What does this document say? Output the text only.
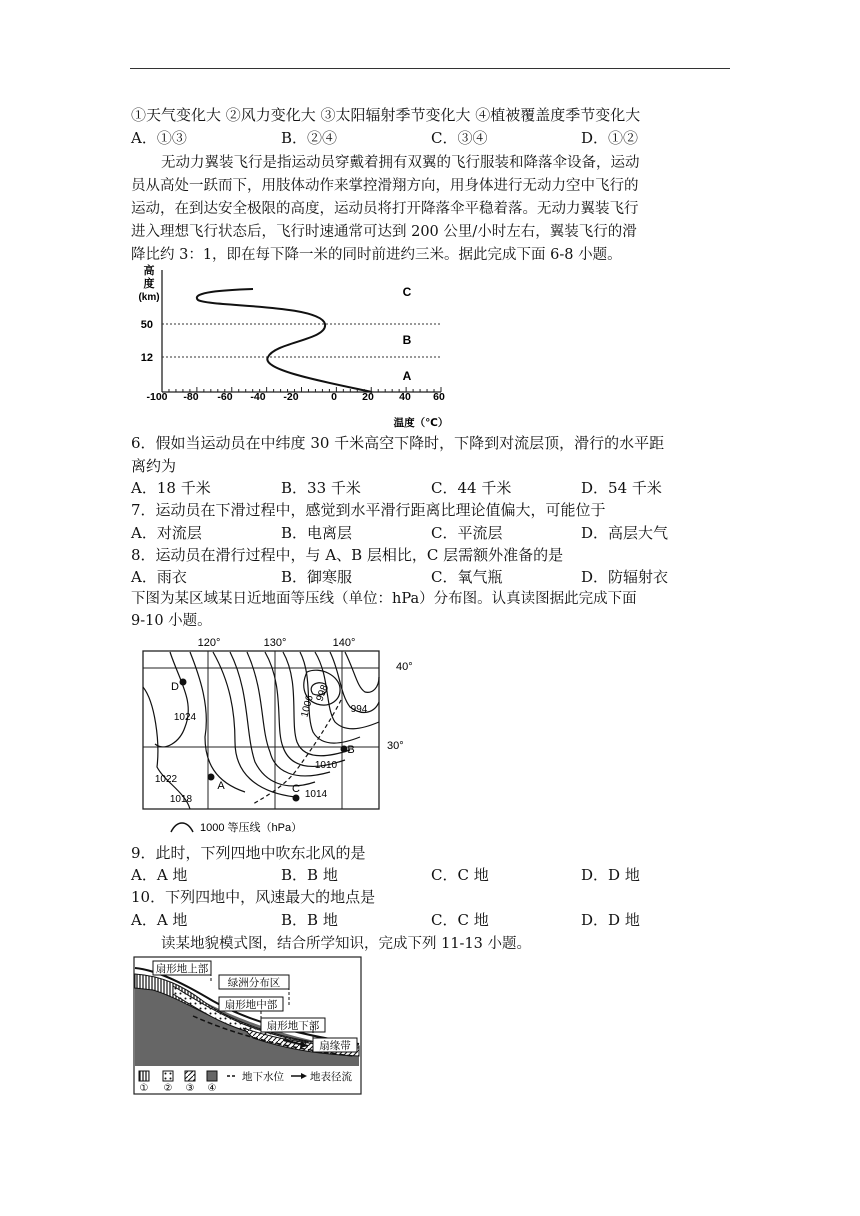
①天气变化大 ②风力变化大 ③太阳辐射季节变化大 ④植被覆盖度季节变化大
A．①③	B．②④	C．③④	D．①②
无动力翼装飞行是指运动员穿戴着拥有双翼的飞行服装和降落伞设备，运动
员从高处一跃而下，用肢体动作来掌控滑翔方向，用身体进行无动力空中飞行的
运动，在到达安全极限的高度，运动员将打开降落伞平稳着落。无动力翼装飞行
进入理想飞行状态后，飞行时速通常可达到 200 公里/小时左右，翼装飞行的滑
降比约 3：1，即在每下降一米的同时前进约三米。据此完成下面 6-8 小题。
高
度
(km)
50
12
C
B
A
-100 -80 -60 -40 -20	0 20 40 60
温度（℃）
6．假如当运动员在中纬度 30 千米高空下降时，下降到对流层顶，滑行的水平距
离约为
A．18 千米	B．33 千米	C．44 千米	D．54 千米
7．运动员在下滑过程中，感觉到水平滑行距离比理论值偏大，可能位于
A．对流层	B．电离层	C．平流层	D．高层大气
8．运动员在滑行过程中，与 A、B 层相比，C 层需额外准备的是
A．雨衣	B．御寒服	C．氧气瓶	D．防辐射衣
下图为某区域某日近地面等压线（单位：hPa）分布图。认真读图据此完成下面
9-10 小题。
120°	130°	140°
40°
30°
998
1006	994
1024
1010
1022
1014
1018
D
A
B
C
1000 等压线（hPa）
9．此时，下列四地中吹东北风的是
A．A 地	B．B 地	C．C 地	D．D 地
10．下列四地中，风速最大的地点是
A．A 地	B．B 地	C．C 地	D．D 地
读某地貌模式图，结合所学知识，完成下列 11-13 小题。
扇形地上部
绿洲分布区
扇形地中部
扇形地下部
扇缘带
① ② ③ ④
地下水位 地表径流
